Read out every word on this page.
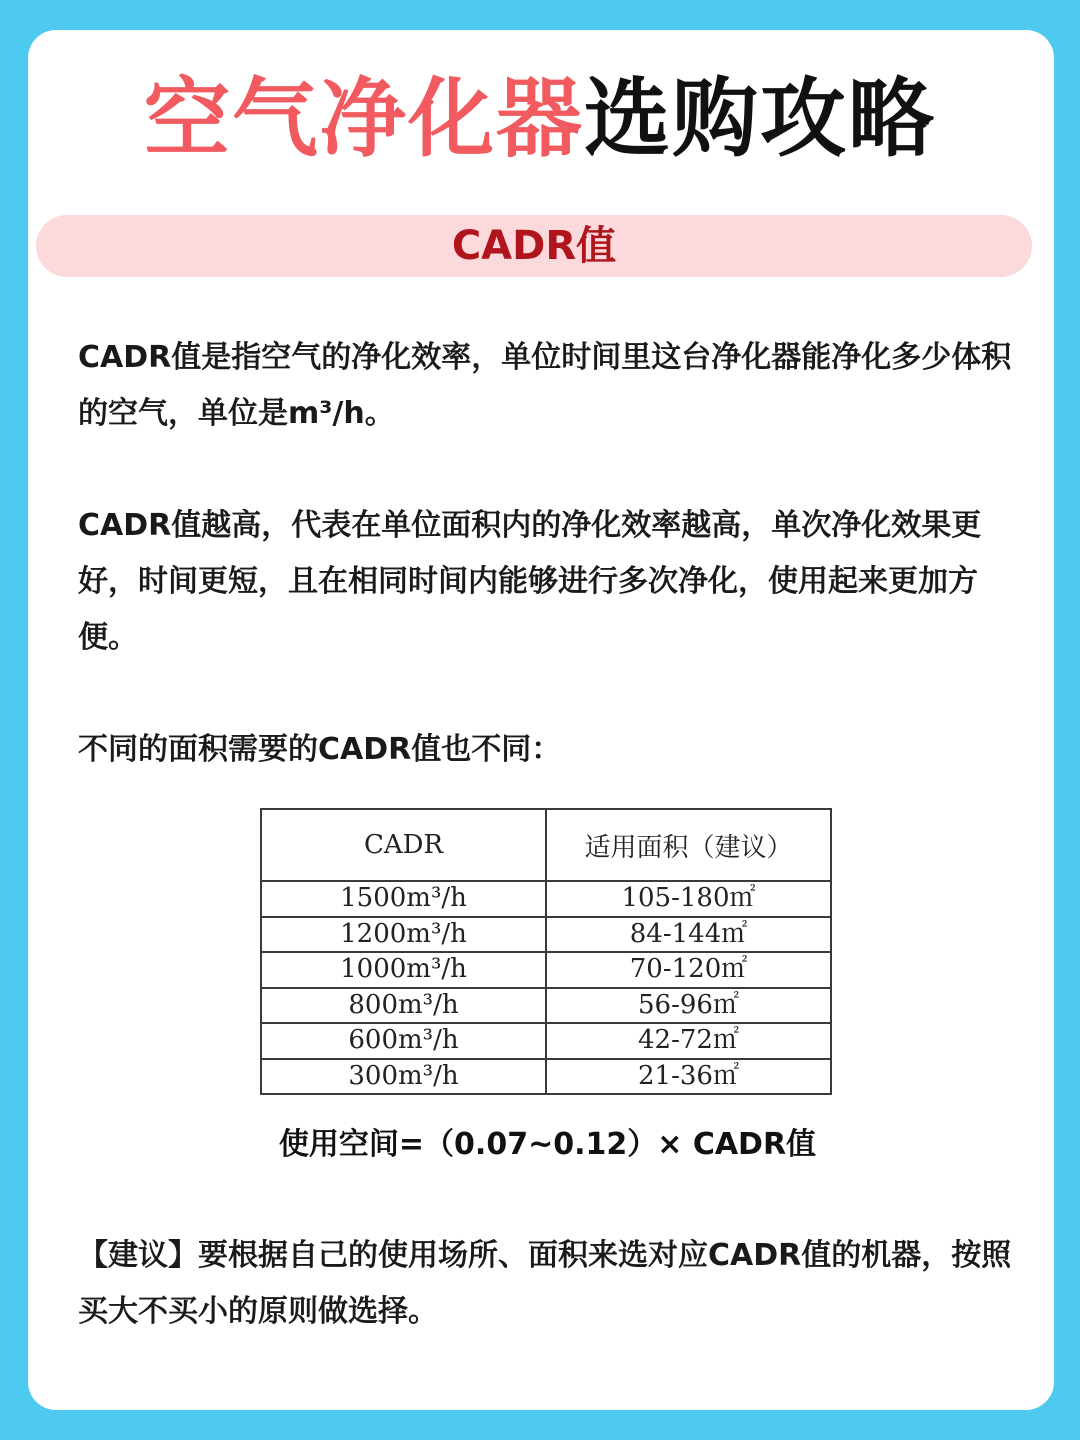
空气净化器选购攻略
CADR值
CADR值是指空气的净化效率，单位时间里这台净化器能净化多少体积的空气，单位是m³/h。
CADR值越高，代表在单位面积内的净化效率越高，单次净化效果更好，时间更短，且在相同时间内能够进行多次净化，使用起来更加方便。
不同的面积需要的CADR值也不同：
CADR	适用面积（建议）
1500m³/h	105-180㎡
1200m³/h	84-144㎡
1000m³/h	70-120㎡
800m³/h	56-96㎡
600m³/h	42-72㎡
300m³/h	21-36㎡
使用空间=（0.07~0.12）× CADR值
【建议】要根据自己的使用场所、面积来选对应CADR值的机器，按照买大不买小的原则做选择。
